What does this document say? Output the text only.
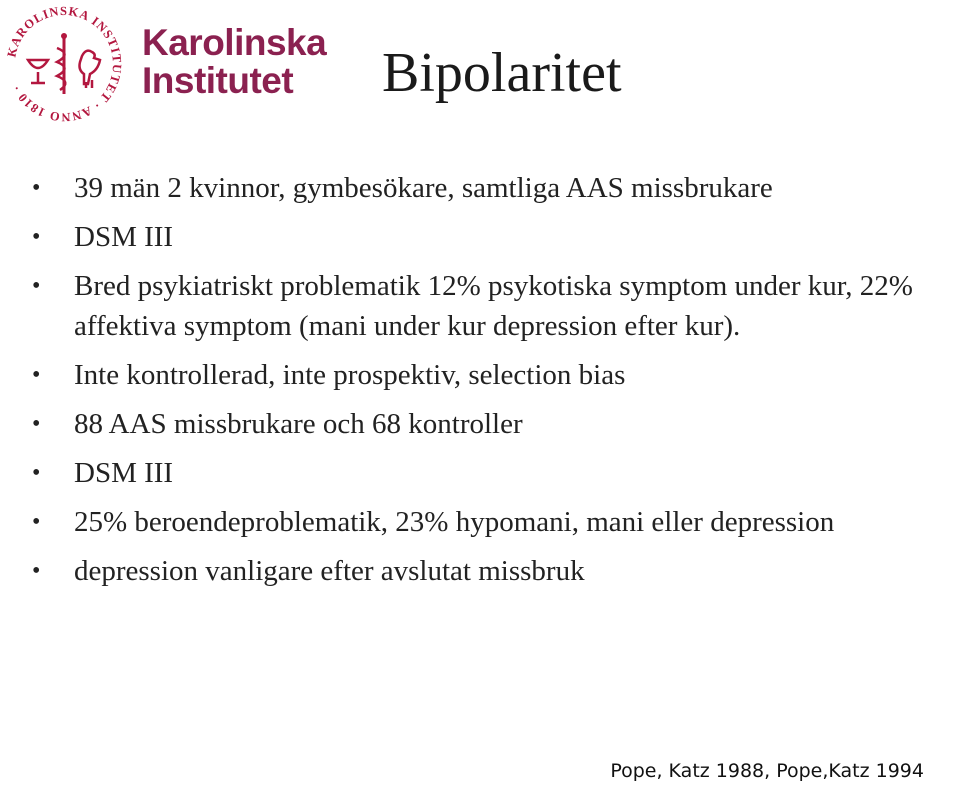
KAROLINSKA INSTITUTET · ANNO 1810 ·
Karolinska
Institutet	Bipolaritet
• 39 män 2 kvinnor, gymbesökare, samtliga AAS missbrukare
• DSM III
• Bred psykiatriskt problematik 12% psykotiska symptom under kur, 22% affektiva symptom (mani under kur depression efter kur).
• Inte kontrollerad, inte prospektiv, selection bias
• 88 AAS missbrukare och 68 kontroller
• DSM III
• 25% beroendeproblematik, 23% hypomani, mani eller depression
• depression vanligare efter avslutat missbruk
Pope, Katz 1988, Pope,Katz 1994
